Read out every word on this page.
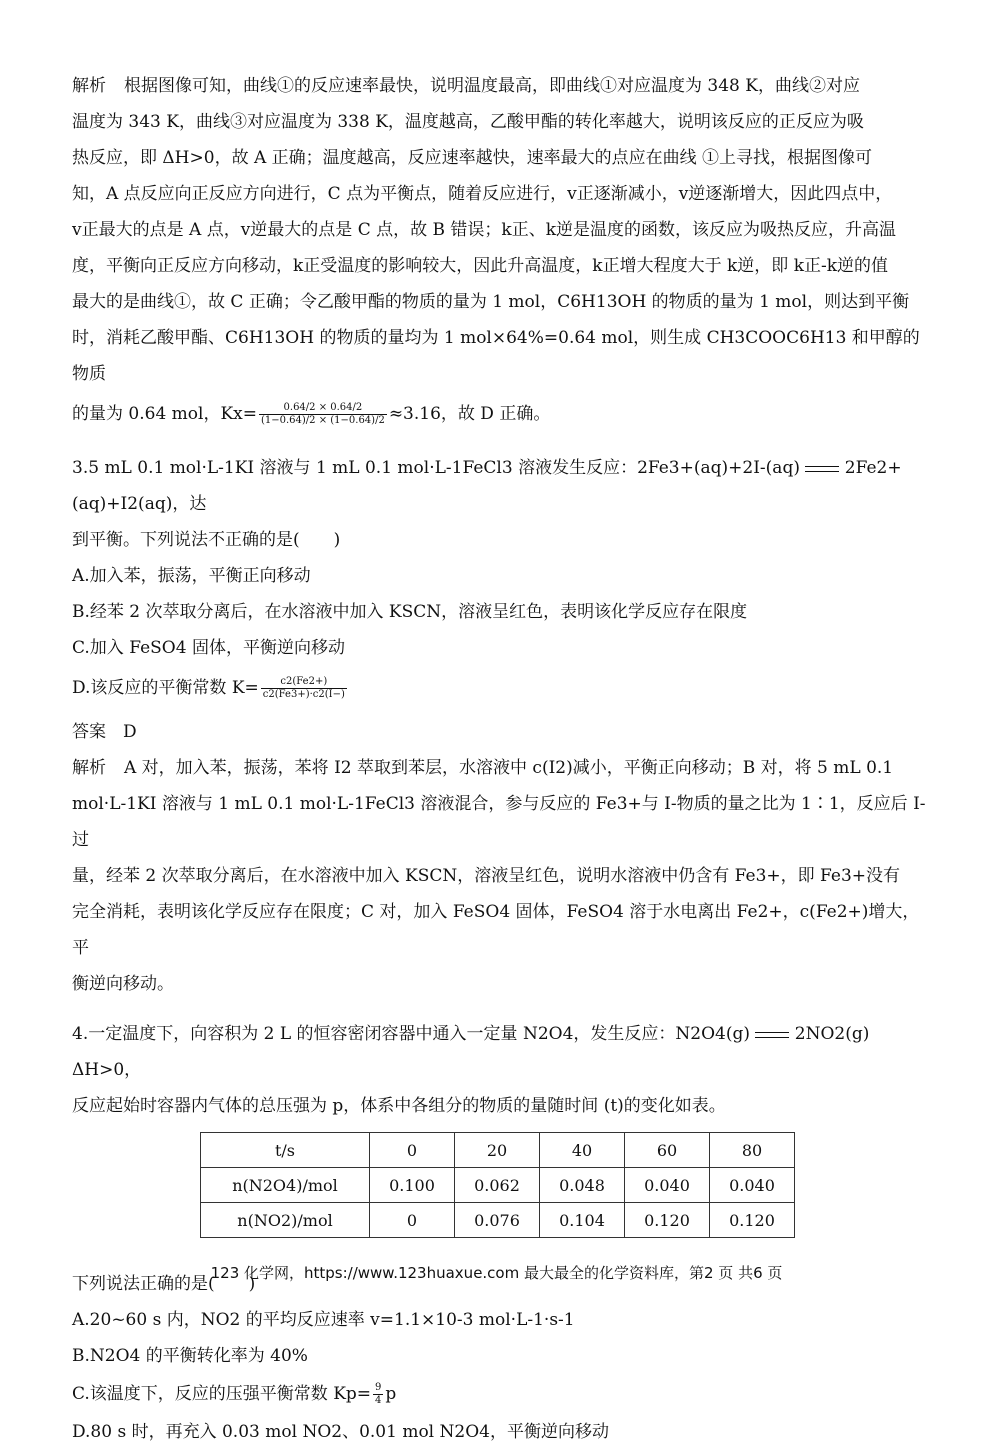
解析 根据图像可知，曲线①的反应速率最快，说明温度最高，即曲线①对应温度为 348 K，曲线②对应

温度为 343 K，曲线③对应温度为 338 K，温度越高，乙酸甲酯的转化率越大，说明该反应的正反应为吸

热反应，即 ΔH>0，故 A 正确；温度越高，反应速率越快，速率最大的点应在曲线 ①上寻找，根据图像可

知，A 点反应向正反应方向进行，C 点为平衡点，随着反应进行，v正逐渐减小，v逆逐渐增大，因此四点中，

v正最大的点是 A 点，v逆最大的点是 C 点，故 B 错误；k正、k逆是温度的函数，该反应为吸热反应，升高温

度，平衡向正反应方向移动，k正受温度的影响较大，因此升高温度，k正增大程度大于 k逆，即 k正-k逆的值

最大的是曲线①，故 C 正确；令乙酸甲酯的物质的量为 1 mol，C6H13OH 的物质的量为 1 mol，则达到平衡

时，消耗乙酸甲酯、C6H13OH 的物质的量均为 1 mol×64%=0.64 mol，则生成 CH3COOC6H13 和甲醇的物质

的量为 0.64 mol，$Kx= \frac{0.64/2 \times 0.64/2}{(1-0.64)/2 \times (1-0.64)/2} \approx 3.16$，故 D 正确。

3.5 mL 0.1 mol·L-1KI 溶液与 1 mL 0.1 mol·L-1FeCl3 溶液发生反应：2Fe3+(aq)+2I-(aq)	2Fe2+(aq)+I2(aq)，达

到平衡。下列说法不正确的是(　　)

A.加入苯，振荡，平衡正向移动

B.经苯 2 次萃取分离后，在水溶液中加入 KSCN，溶液呈红色，表明该化学反应存在限度

C.加入 FeSO4 固体，平衡逆向移动

D.该反应的平衡常数 $K= \frac{c2(Fe2+)}{c2(Fe3+)\cdot c2(I-)}$

答案　D

解析 A 对，加入苯，振荡，苯将 I2 萃取到苯层，水溶液中 c(I2)减小，平衡正向移动；B 对，将 5 mL 0.1

mol·L-1KI 溶液与 1 mL 0.1 mol·L-1FeCl3 溶液混合，参与反应的 Fe3+与 I-物质的量之比为 1∶1，反应后 I-过

量，经苯 2 次萃取分离后，在水溶液中加入 KSCN，溶液呈红色，说明水溶液中仍含有 Fe3+，即 Fe3+没有

完全消耗，表明该化学反应存在限度；C 对，加入 FeSO4 固体，FeSO4 溶于水电离出 Fe2+，c(Fe2+)增大，平

衡逆向移动。

4.一定温度下，向容积为 2 L 的恒容密闭容器中通入一定量 N2O4，发生反应：N2O4(g)	2NO2(g)　ΔH>0，

反应起始时容器内气体的总压强为 p，体系中各组分的物质的量随时间 (t)的变化如表。

t/s	0	20	40	60	80
n(N2O4)/mol	0.100	0.062	0.048	0.040	0.040
n(NO2)/mol	0	0.076	0.104	0.120	0.120

下列说法正确的是(　　)

A.20~60 s 内，NO2 的平均反应速率 v=1.1×10-3 mol·L-1·s-1

B.N2O4 的平衡转化率为 40%

C.该温度下，反应的压强平衡常数 $Kp= \frac{9}{4}$ p

D.80 s 时，再充入 0.03 mol NO2、0.01 mol N2O4，平衡逆向移动

123 化学网，https://www.123huaxue.com 最大最全的化学资料库，第2 页 共6 页
